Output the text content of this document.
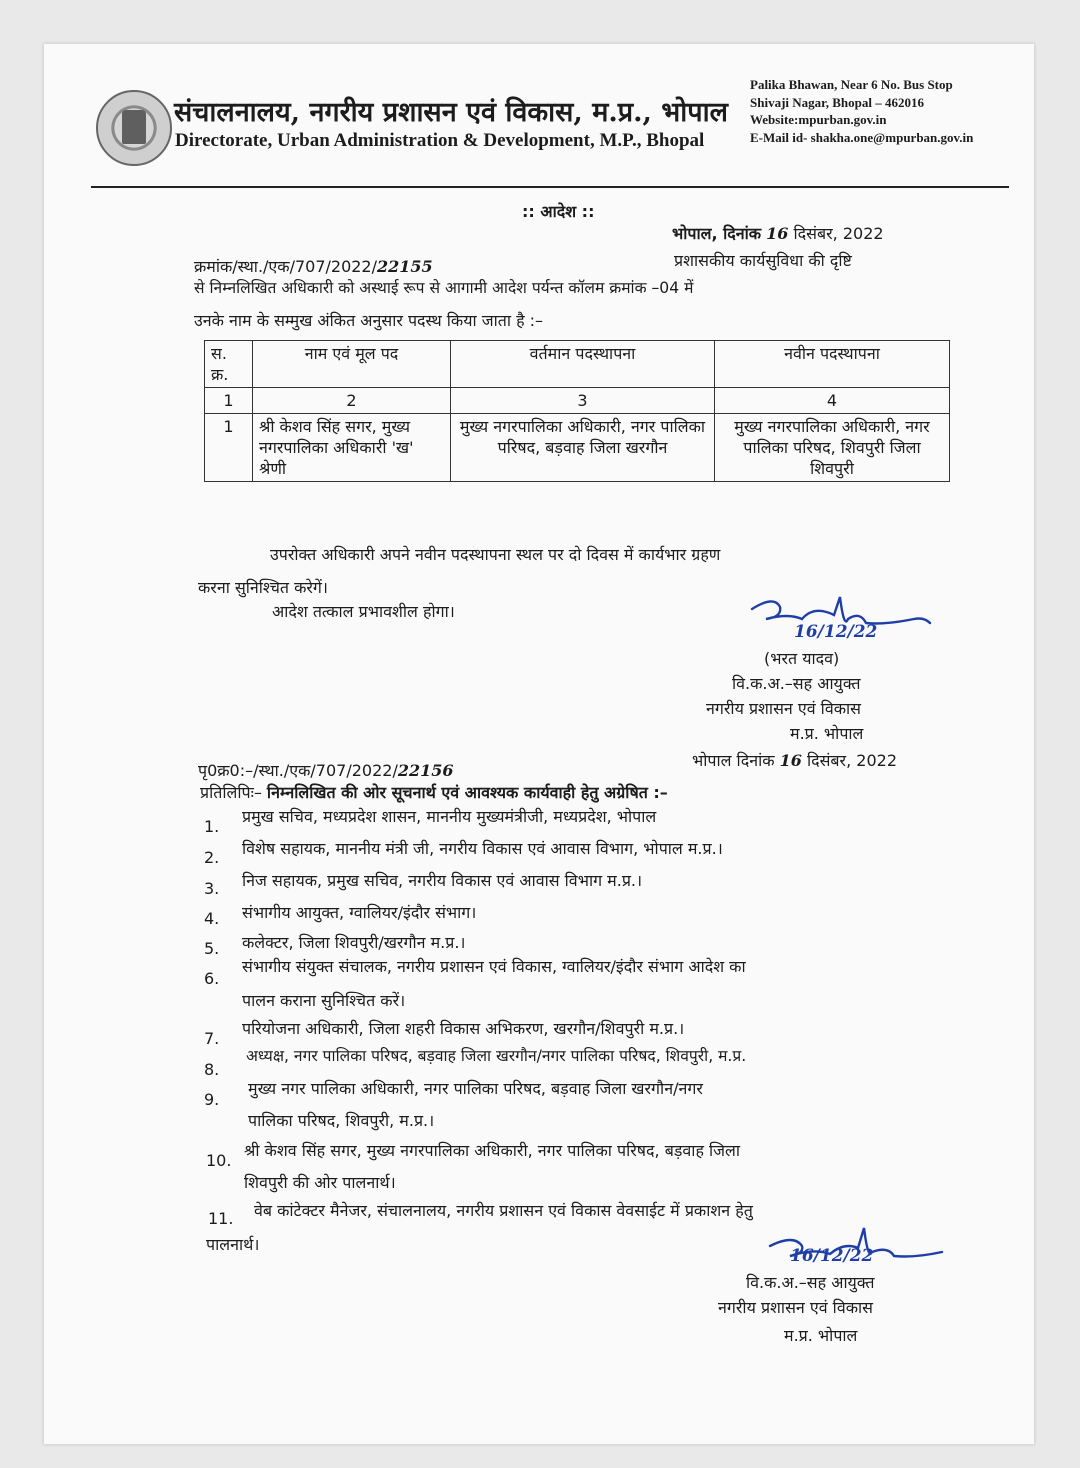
संचालनालय, नगरीय प्रशासन एवं विकास, म.प्र., भोपाल
Directorate, Urban Administration & Development, M.P., Bhopal
Palika Bhawan, Near 6 No. Bus Stop
Shivaji Nagar, Bhopal – 462016
Website:mpurban.gov.in
E-Mail id- shakha.one@mpurban.gov.in
:: आदेश ::
भोपाल, दिनांक 16 दिसंबर, 2022
क्रमांक/स्था./एक/707/2022/22155	प्रशासकीय कार्यसुविधा की दृष्टि
से निम्नलिखित अधिकारी को अस्थाई रूप से आगामी आदेश पर्यन्त कॉलम क्रमांक –04 में
उनके नाम के सम्मुख अंकित अनुसार पदस्थ किया जाता है :–
स. क्र.	नाम एवं मूल पद	वर्तमान पदस्थापना	नवीन पदस्थापना
1	2	3	4
1	श्री केशव सिंह सगर, मुख्य नगरपालिका अधिकारी 'ख' श्रेणी	मुख्य नगरपालिका अधिकारी, नगर पालिका परिषद, बड़वाह जिला खरगौन	मुख्य नगरपालिका अधिकारी, नगर पालिका परिषद, शिवपुरी जिला शिवपुरी
उपरोक्त अधिकारी अपने नवीन पदस्थापना स्थल पर दो दिवस में कार्यभार ग्रहण
करना सुनिश्चित करेगें।
आदेश तत्काल प्रभावशील होगा।
16/12/22
(भरत यादव)
वि.क.अ.–सह आयुक्त
नगरीय प्रशासन एवं विकास
म.प्र. भोपाल
भोपाल दिनांक 16 दिसंबर, 2022
पृ0क्र0:–/स्था./एक/707/2022/22156
प्रतिलिपिः– निम्नलिखित की ओर सूचनार्थ एवं आवश्यक कार्यवाही हेतु अग्रेषित :–
1.
प्रमुख सचिव, मध्यप्रदेश शासन, माननीय मुख्यमंत्रीजी, मध्यप्रदेश, भोपाल
2. विशेष सहायक, माननीय मंत्री जी, नगरीय विकास एवं आवास विभाग, भोपाल म.प्र.।
3. निज सहायक, प्रमुख सचिव, नगरीय विकास एवं आवास विभाग म.प्र.।
4. संभागीय आयुक्त, ग्वालियर/इंदौर संभाग।
5. कलेक्टर, जिला शिवपुरी/खरगौन म.प्र.।
6.
संभागीय संयुक्त संचालक, नगरीय प्रशासन एवं विकास, ग्वालियर/इंदौर संभाग आदेश का
पालन कराना सुनिश्चित करें।
7.
परियोजना अधिकारी, जिला शहरी विकास अभिकरण, खरगौन/शिवपुरी म.प्र.।
8.
अध्यक्ष, नगर पालिका परिषद, बड़वाह जिला खरगौन/नगर पालिका परिषद, शिवपुरी, म.प्र.
9.
मुख्य नगर पालिका अधिकारी, नगर पालिका परिषद, बड़वाह जिला खरगौन/नगर
पालिका परिषद, शिवपुरी, म.प्र.।
10.
श्री केशव सिंह सगर, मुख्य नगरपालिका अधिकारी, नगर पालिका परिषद, बड़वाह जिला
शिवपुरी की ओर पालनार्थ।
11. वेब कांटेक्टर मैनेजर, संचालनालय, नगरीय प्रशासन एवं विकास वेवसाईट में प्रकाशन हेतु
पालनार्थ।
16/12/22
वि.क.अ.–सह आयुक्त
नगरीय प्रशासन एवं विकास
म.प्र. भोपाल
